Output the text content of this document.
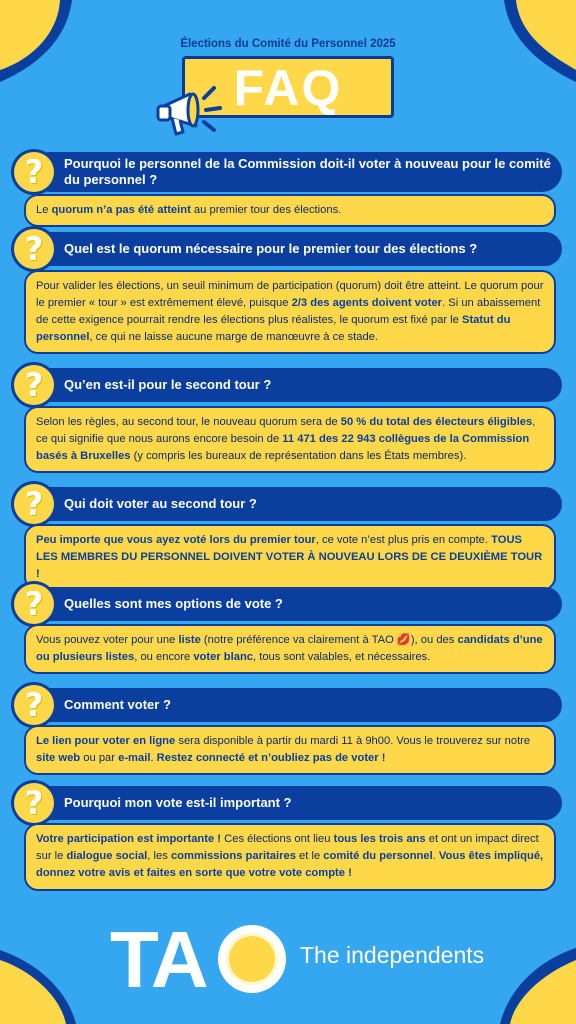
Élections du Comité du Personnel 2025
FAQ
Pourquoi le personnel de la Commission doit-il voter à nouveau pour le comité du personnel ?
?
Le quorum n’a pas été atteint au premier tour des élections.
Quel est le quorum nécessaire pour le premier tour des élections ?
?
Pour valider les élections, un seuil minimum de participation (quorum) doit être atteint. Le quorum pour le premier « tour » est extrêmement élevé, puisque 2/3 des agents doivent voter. Si un abaissement de cette exigence pourrait rendre les élections plus réalistes, le quorum est fixé par le Statut du personnel, ce qui ne laisse aucune marge de manœuvre à ce stade.
Qu’en est-il pour le second tour ?
?
Selon les règles, au second tour, le nouveau quorum sera de 50 % du total des électeurs éligibles, ce qui signifie que nous aurons encore besoin de 11 471 des 22 943 collègues de la Commission basés à Bruxelles (y compris les bureaux de représentation dans les États membres).
Qui doit voter au second tour ?
?
Peu importe que vous ayez voté lors du premier tour, ce vote n’est plus pris en compte. TOUS LES MEMBRES DU PERSONNEL DOIVENT VOTER À NOUVEAU LORS DE CE DEUXIÈME TOUR !
Quelles sont mes options de vote ?
?
Vous pouvez voter pour une liste (notre préférence va clairement à TAO 💋), ou des candidats d’une ou plusieurs listes, ou encore voter blanc, tous sont valables, et nécessaires.
Comment voter ?
?
Le lien pour voter en ligne sera disponible à partir du mardi 11 à 9h00. Vous le trouverez sur notre site web ou par e-mail. Restez connecté et n’oubliez pas de voter !
Pourquoi mon vote est-il important ?
?
Votre participation est importante ! Ces élections ont lieu tous les trois ans et ont un impact direct sur le dialogue social, les commissions paritaires et le comité du personnel. Vous êtes impliqué, donnez votre avis et faites en sorte que votre vote compte !
TA	The independents
